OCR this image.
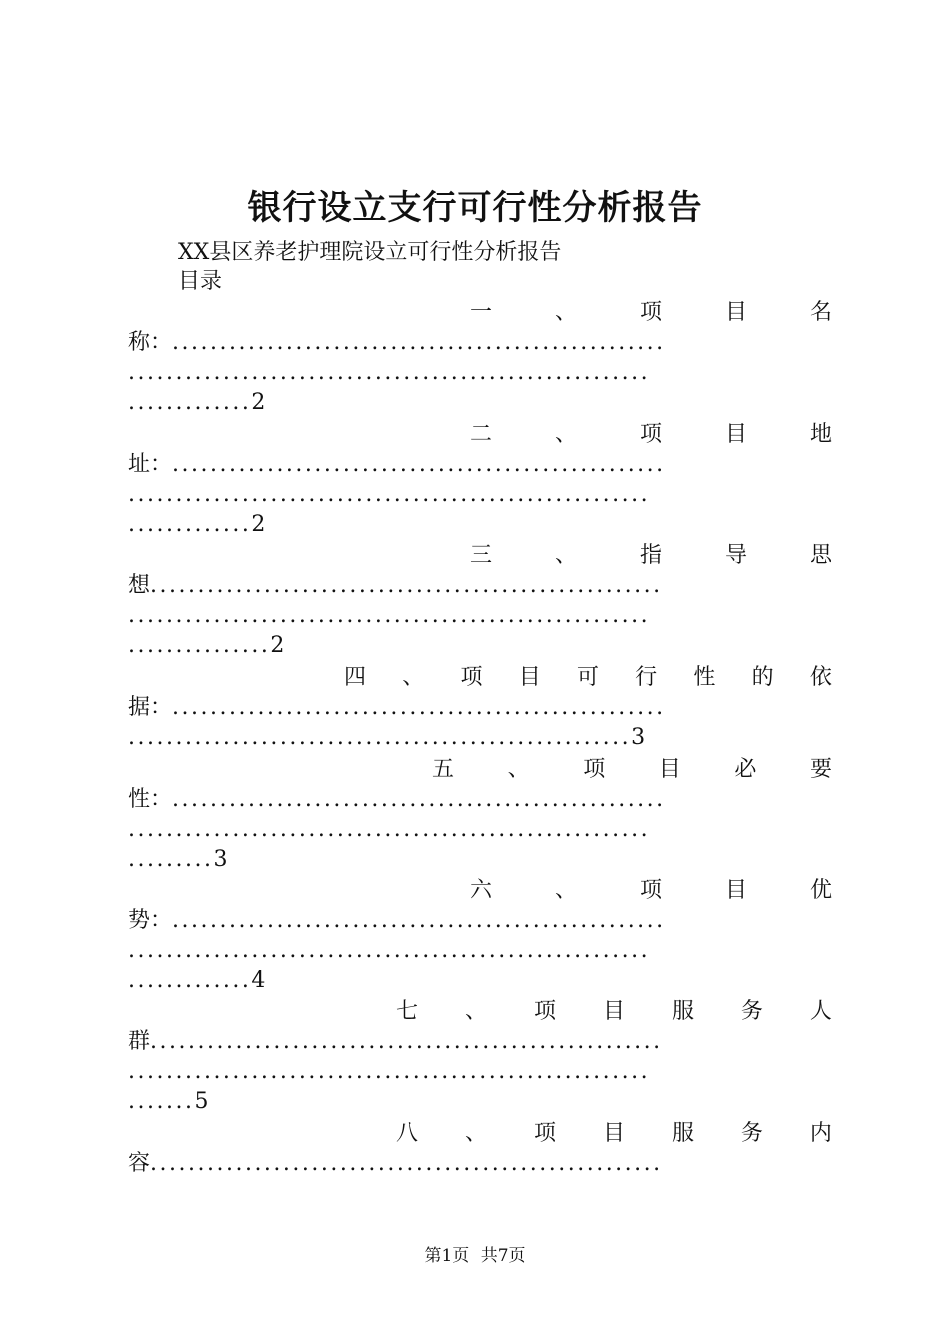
银行设立支行可行性分析报告
XX县区养老护理院设立可行性分析报告
目录
一	、	项	目	名
称：....................................................
.......................................................
.............2
二	、	项	目	地
址：....................................................
.......................................................
.............2
三	、	指	导	思
想......................................................
.......................................................
...............2
四 、 项 目 可 行 性 的 依
据：....................................................
.....................................................3
五 、 项 目 必 要
性：....................................................
.......................................................
.........3
六	、	项	目	优
势：....................................................
.......................................................
.............4
七 、 项 目 服 务 人
群......................................................
.......................................................
.......5
八 、 项 目 服 务 内
容......................................................
第1页 共7页
